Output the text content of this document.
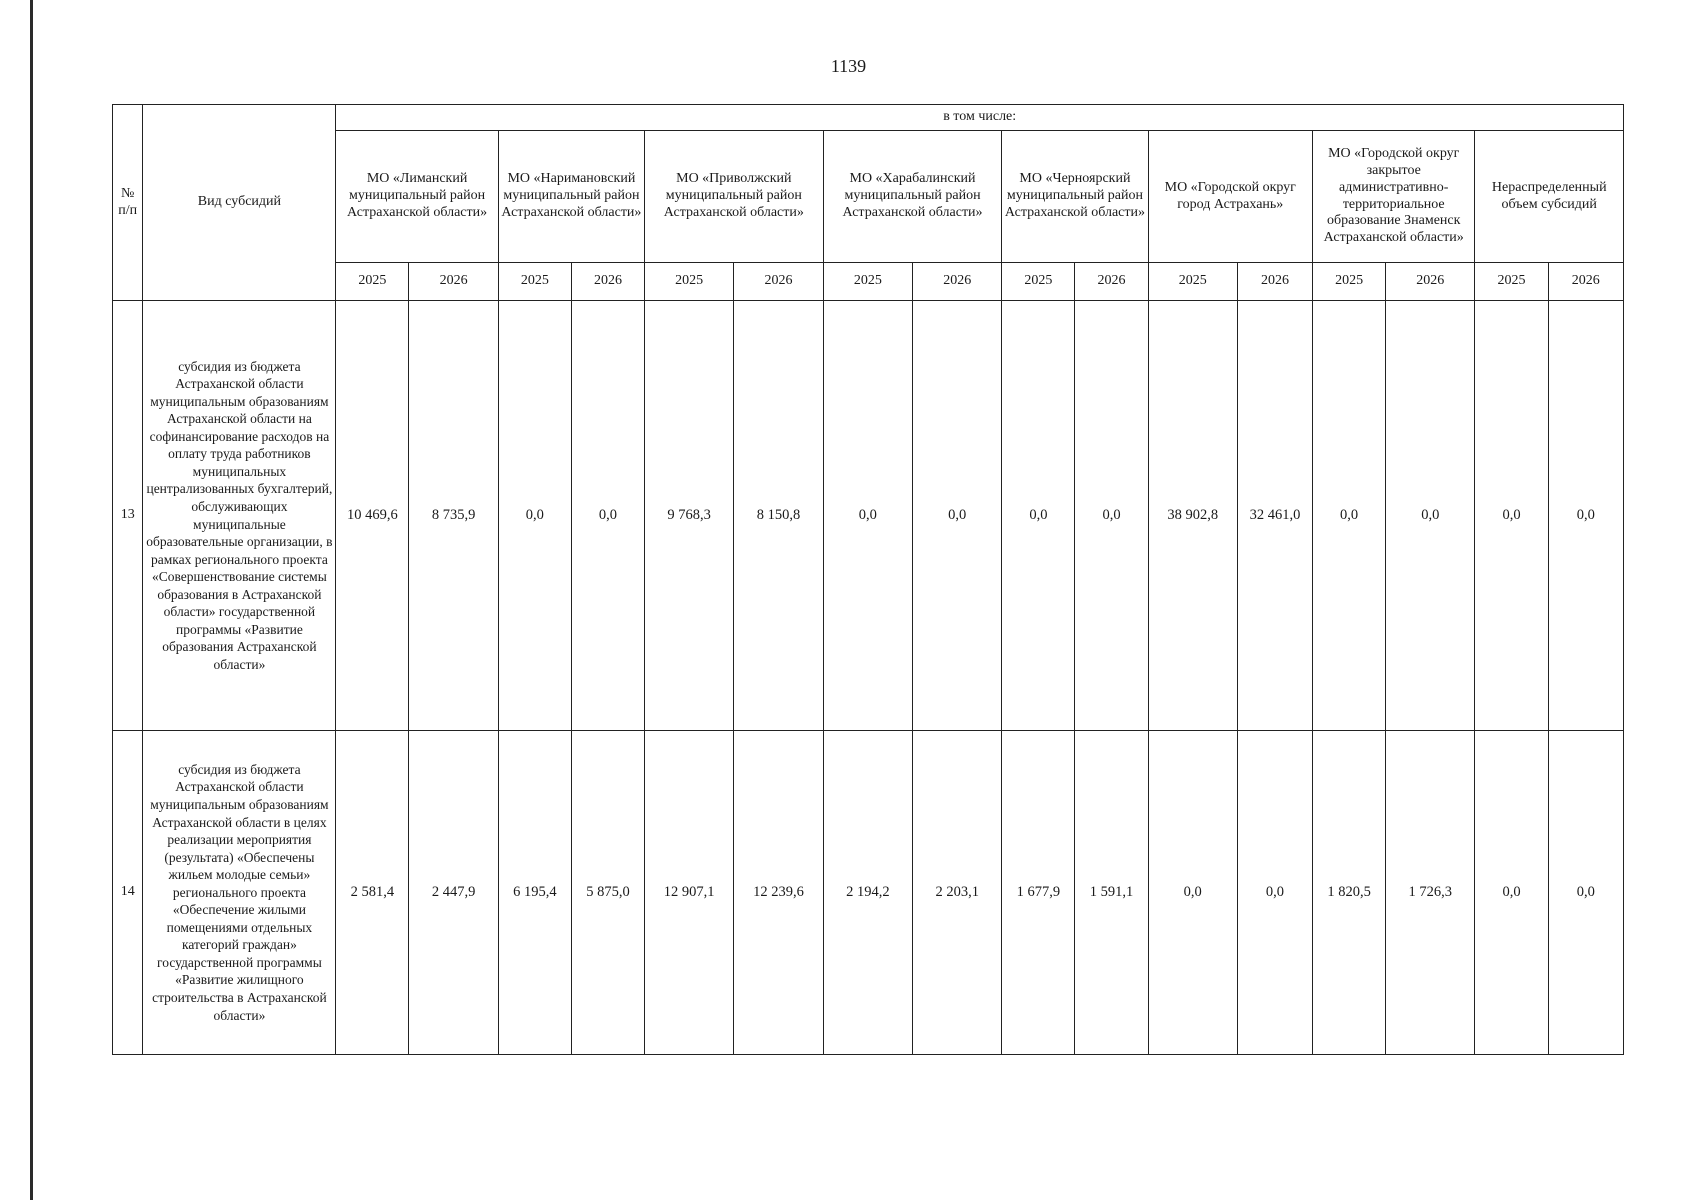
1139
№ п/п	Вид субсидий	в том числе:															
		МО «Лиманский муниципальный район Астраханской области»		МО «Наримановский муниципальный район Астраханской области»		МО «Приволжский муниципальный район Астраханской области»		МО «Харабалинский муниципальный район Астраханской области»		МО «Черноярский муниципальный район Астраханской области»		МО «Городской округ город Астрахань»		МО «Городской округ закрытое административно-территориальное образование Знаменск Астраханской области»		Нераспределенный объем субсидий	
		2025	2026	2025	2026	2025	2026	2025	2026	2025	2026	2025	2026	2025	2026	2025	2026
13	субсидия из бюджета Астраханской области муниципальным образованиям Астраханской области на софинансирование расходов на оплату труда работников муниципальных централизованных бухгалтерий, обслуживающих муниципальные образовательные организации, в рамках регионального проекта «Совершенствование системы образования в Астраханской области» государственной программы «Развитие образования Астраханской области»	10 469,6	8 735,9	0,0	0,0	9 768,3	8 150,8	0,0	0,0	0,0	0,0	38 902,8	32 461,0	0,0	0,0	0,0	0,0
14	субсидия из бюджета Астраханской области муниципальным образованиям Астраханской области в целях реализации мероприятия (результата) «Обеспечены жильем молодые семьи» регионального проекта «Обеспечение жилыми помещениями отдельных категорий граждан» государственной программы «Развитие жилищного строительства в Астраханской области»	2 581,4	2 447,9	6 195,4	5 875,0	12 907,1	12 239,6	2 194,2	2 203,1	1 677,9	1 591,1	0,0	0,0	1 820,5	1 726,3	0,0	0,0
